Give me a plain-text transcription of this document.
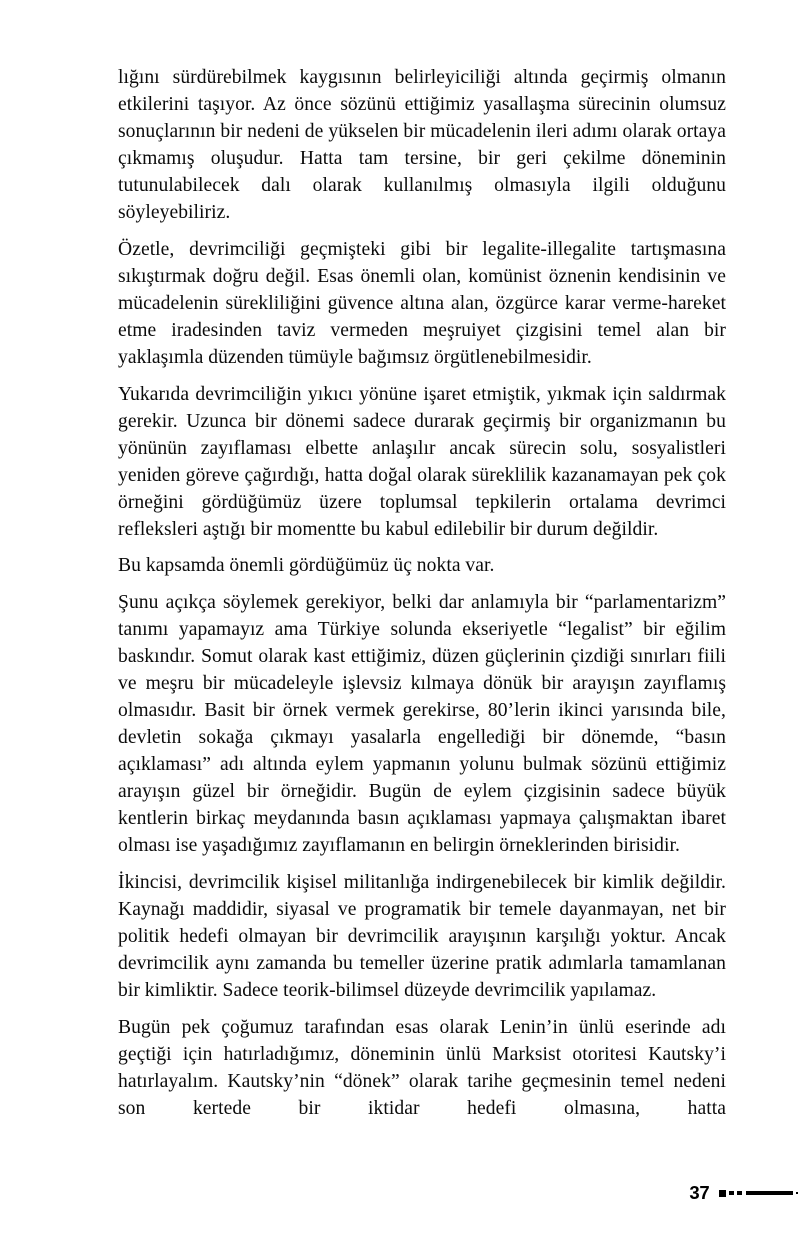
lığını sürdürebilmek kaygısının belirleyiciliği altında geçirmiş olmanın etkilerini taşıyor. Az önce sözünü ettiğimiz yasallaşma sürecinin olumsuz sonuçlarının bir nedeni de yükselen bir mücadelenin ileri adımı olarak ortaya çıkmamış oluşudur. Hatta tam tersine, bir geri çekilme döneminin tutunulabilecek dalı olarak kullanılmış olmasıyla ilgili olduğunu söyleyebiliriz.

Özetle, devrimciliği geçmişteki gibi bir legalite-illegalite tartışmasına sıkıştırmak doğru değil. Esas önemli olan, komünist öznenin kendisinin ve mücadelenin sürekliliğini güvence altına alan, özgürce karar verme-hareket etme iradesinden taviz vermeden meşruiyet çizgisini temel alan bir yaklaşımla düzenden tümüyle bağımsız örgütlenebilmesidir.

Yukarıda devrimciliğin yıkıcı yönüne işaret etmiştik, yıkmak için saldırmak gerekir. Uzunca bir dönemi sadece durarak geçirmiş bir organizmanın bu yönünün zayıflaması elbette anlaşılır ancak sürecin solu, sosyalistleri yeniden göreve çağırdığı, hatta doğal olarak süreklilik kazanamayan pek çok örneğini gördüğümüz üzere toplumsal tepkilerin ortalama devrimci refleksleri aştığı bir momentte bu kabul edilebilir bir durum değildir.

Bu kapsamda önemli gördüğümüz üç nokta var.

Şunu açıkça söylemek gerekiyor, belki dar anlamıyla bir “parlamentarizm” tanımı yapamayız ama Türkiye solunda ekseriyetle “legalist” bir eğilim baskındır. Somut olarak kast ettiğimiz, düzen güçlerinin çizdiği sınırları fiili ve meşru bir mücadeleyle işlevsiz kılmaya dönük bir arayışın zayıflamış olmasıdır. Basit bir örnek vermek gerekirse, 80’lerin ikinci yarısında bile, devletin sokağa çıkmayı yasalarla engellediği bir dönemde, “basın açıklaması” adı altında eylem yapmanın yolunu bulmak sözünü ettiğimiz arayışın güzel bir örneğidir. Bugün de eylem çizgisinin sadece büyük kentlerin birkaç meydanında basın açıklaması yapmaya çalışmaktan ibaret olması ise yaşadığımız zayıflamanın en belirgin örneklerinden birisidir.

İkincisi, devrimcilik kişisel militanlığa indirgenebilecek bir kimlik değildir. Kaynağı maddidir, siyasal ve programatik bir temele dayanmayan, net bir politik hedefi olmayan bir devrimcilik arayışının karşılığı yoktur. Ancak devrimcilik aynı zamanda bu temeller üzerine pratik adımlarla tamamlanan bir kimliktir. Sadece teorik-bilimsel düzeyde devrimcilik yapılamaz.

Bugün pek çoğumuz tarafından esas olarak Lenin’in ünlü eserinde adı geçtiği için hatırladığımız, döneminin ünlü Marksist otoritesi Kautsky’i hatırlayalım. Kautsky’nin “dönek” olarak tarihe geçmesinin temel nedeni son kertede bir iktidar hedefi olmasına, hatta

37
